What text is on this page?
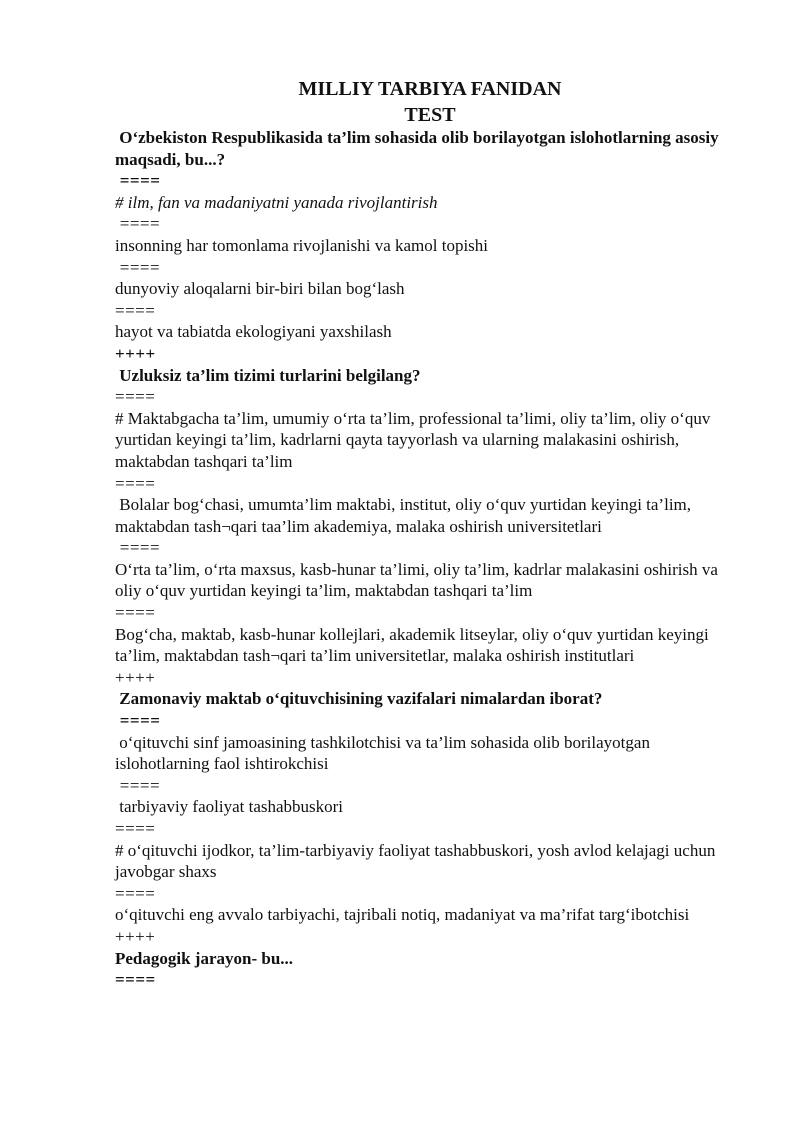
MILLIY TARBIYA FANIDAN
TEST

O‘zbekiston Respublikasida ta’lim sohasida olib borilayotgan islohotlarning asosiy maqsadi, bu...?

====

# ilm, fan va madaniyatni yanada rivojlantirish

====

insonning har tomonlama rivojlanishi va kamol topishi

====

dunyoviy aloqalarni bir-biri bilan bog‘lash

====

hayot va tabiatda ekologiyani yaxshilash

++++

Uzluksiz ta’lim tizimi turlarini belgilang?

====

# Maktabgacha ta’lim, umumiy o‘rta ta’lim, professional ta’limi, oliy ta’lim, oliy o‘quv yurtidan keyingi ta’lim, kadrlarni qayta tayyorlash va ularning malakasini oshirish, maktabdan tashqari ta’lim

====

Bolalar bog‘chasi, umumta’lim maktabi, institut, oliy o‘quv yurtidan keyingi ta’lim, maktabdan tash¬qari taa’lim akademiya, malaka oshirish universitetlari

====

O‘rta ta’lim, o‘rta maxsus, kasb-hunar ta’limi, oliy ta’lim, kadrlar malakasini oshirish va oliy o‘quv yurtidan keyingi ta’lim, maktabdan tashqari ta’lim

====

Bog‘cha, maktab, kasb-hunar kollejlari, akademik litseylar, oliy o‘quv yurtidan keyingi ta’lim, maktabdan tash¬qari ta’lim universitetlar, malaka oshirish institutlari

++++

Zamonaviy maktab o‘qituvchisining vazifalari nimalardan iborat?

====

o‘qituvchi sinf jamoasining tashkilotchisi va ta’lim sohasida olib borilayotgan islohotlarning faol ishtirokchisi

====

tarbiyaviy faoliyat tashabbuskori

====

# o‘qituvchi ijodkor, ta’lim-tarbiyaviy faoliyat tashabbuskori, yosh avlod kelajagi uchun javobgar shaxs

====

o‘qituvchi eng avvalo tarbiyachi, tajribali notiq, madaniyat va ma’rifat targ‘ibotchisi

++++

Pedagogik jarayon- bu...

====
